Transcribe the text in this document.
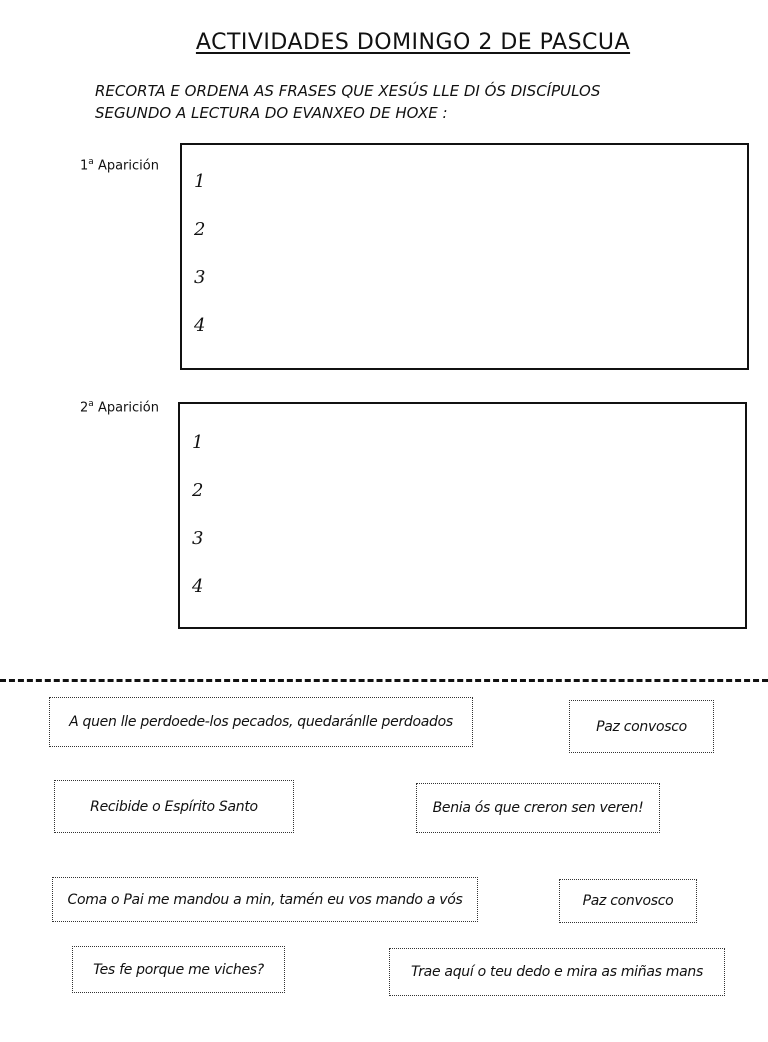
ACTIVIDADES DOMINGO 2 DE PASCUA
RECORTA E ORDENA AS FRASES QUE XESÚS LLE DI ÓS DISCÍPULOS
SEGUNDO A LECTURA DO EVANXEO DE HOXE :
1$^a$ Aparición
1
2
3
4
2$^a$ Aparición
1
2
3
4
A quen lle perdoede-los pecados, quedaránlle perdoados	Paz convosco
Recibide o Espírito Santo	Benia ós que creron sen veren!
Coma o Pai me mandou a min, tamén eu vos mando a vós	Paz convosco
Tes fe porque me viches?	Trae aquí o teu dedo e mira as miñas mans
